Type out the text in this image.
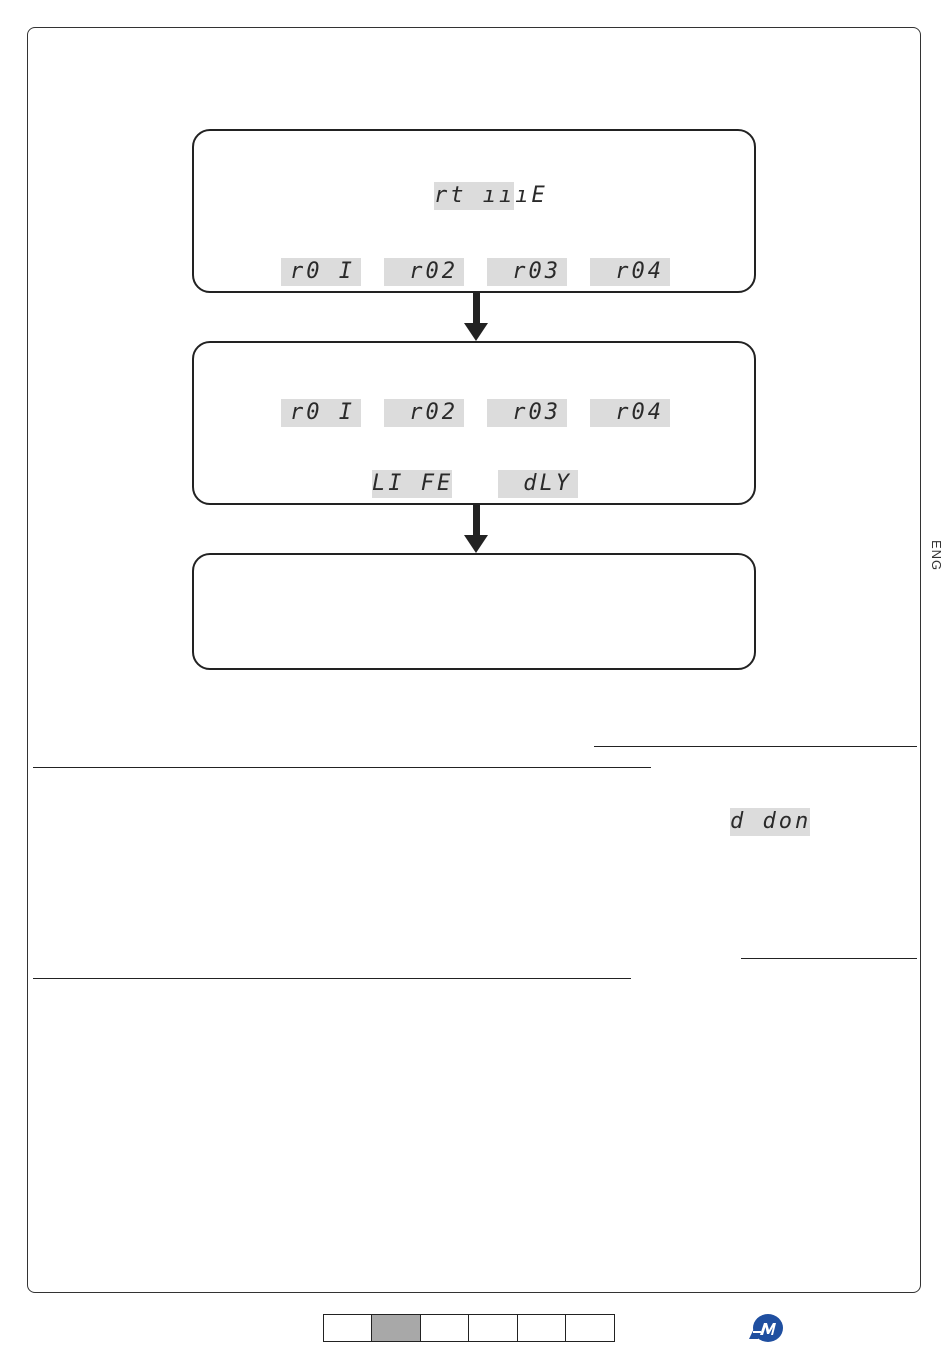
rt ıııE
r0 I	r02	r03	r04
r0 I	r02	r03	r04
LI FE	dLY
d don
ENG
